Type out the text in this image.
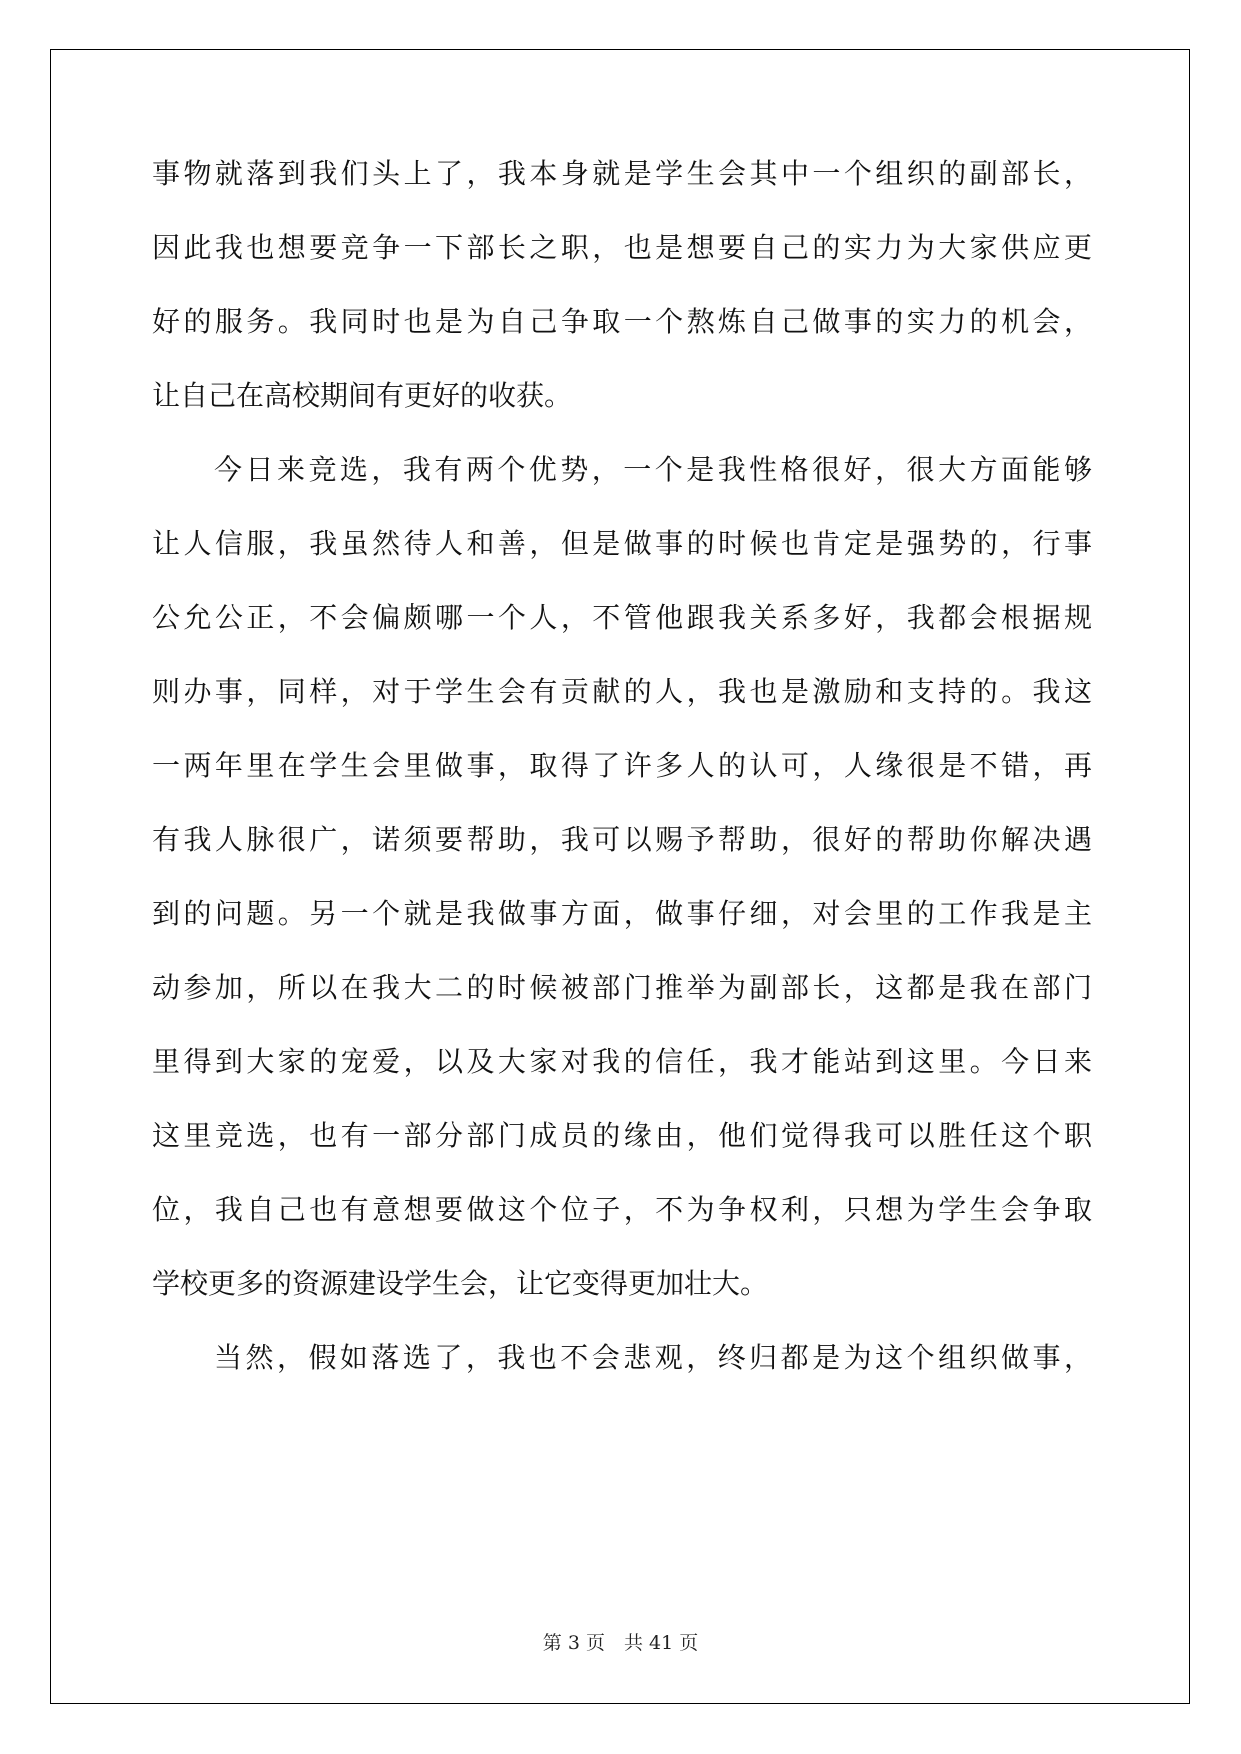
事物就落到我们头上了，我本身就是学生会其中一个组织的副部长，
因此我也想要竞争一下部长之职，也是想要自己的实力为大家供应更
好的服务。我同时也是为自己争取一个熬炼自己做事的实力的机会，
让自己在高校期间有更好的收获。
今日来竞选，我有两个优势，一个是我性格很好，很大方面能够
让人信服，我虽然待人和善，但是做事的时候也肯定是强势的，行事
公允公正，不会偏颇哪一个人，不管他跟我关系多好，我都会根据规
则办事，同样，对于学生会有贡献的人，我也是激励和支持的。我这
一两年里在学生会里做事，取得了许多人的认可，人缘很是不错，再
有我人脉很广，诺须要帮助，我可以赐予帮助，很好的帮助你解决遇
到的问题。另一个就是我做事方面，做事仔细，对会里的工作我是主
动参加，所以在我大二的时候被部门推举为副部长，这都是我在部门
里得到大家的宠爱，以及大家对我的信任，我才能站到这里。今日来
这里竞选，也有一部分部门成员的缘由，他们觉得我可以胜任这个职
位，我自己也有意想要做这个位子，不为争权利，只想为学生会争取
学校更多的资源建设学生会，让它变得更加壮大。
当然，假如落选了，我也不会悲观，终归都是为这个组织做事，
第 3 页　共 41 页
